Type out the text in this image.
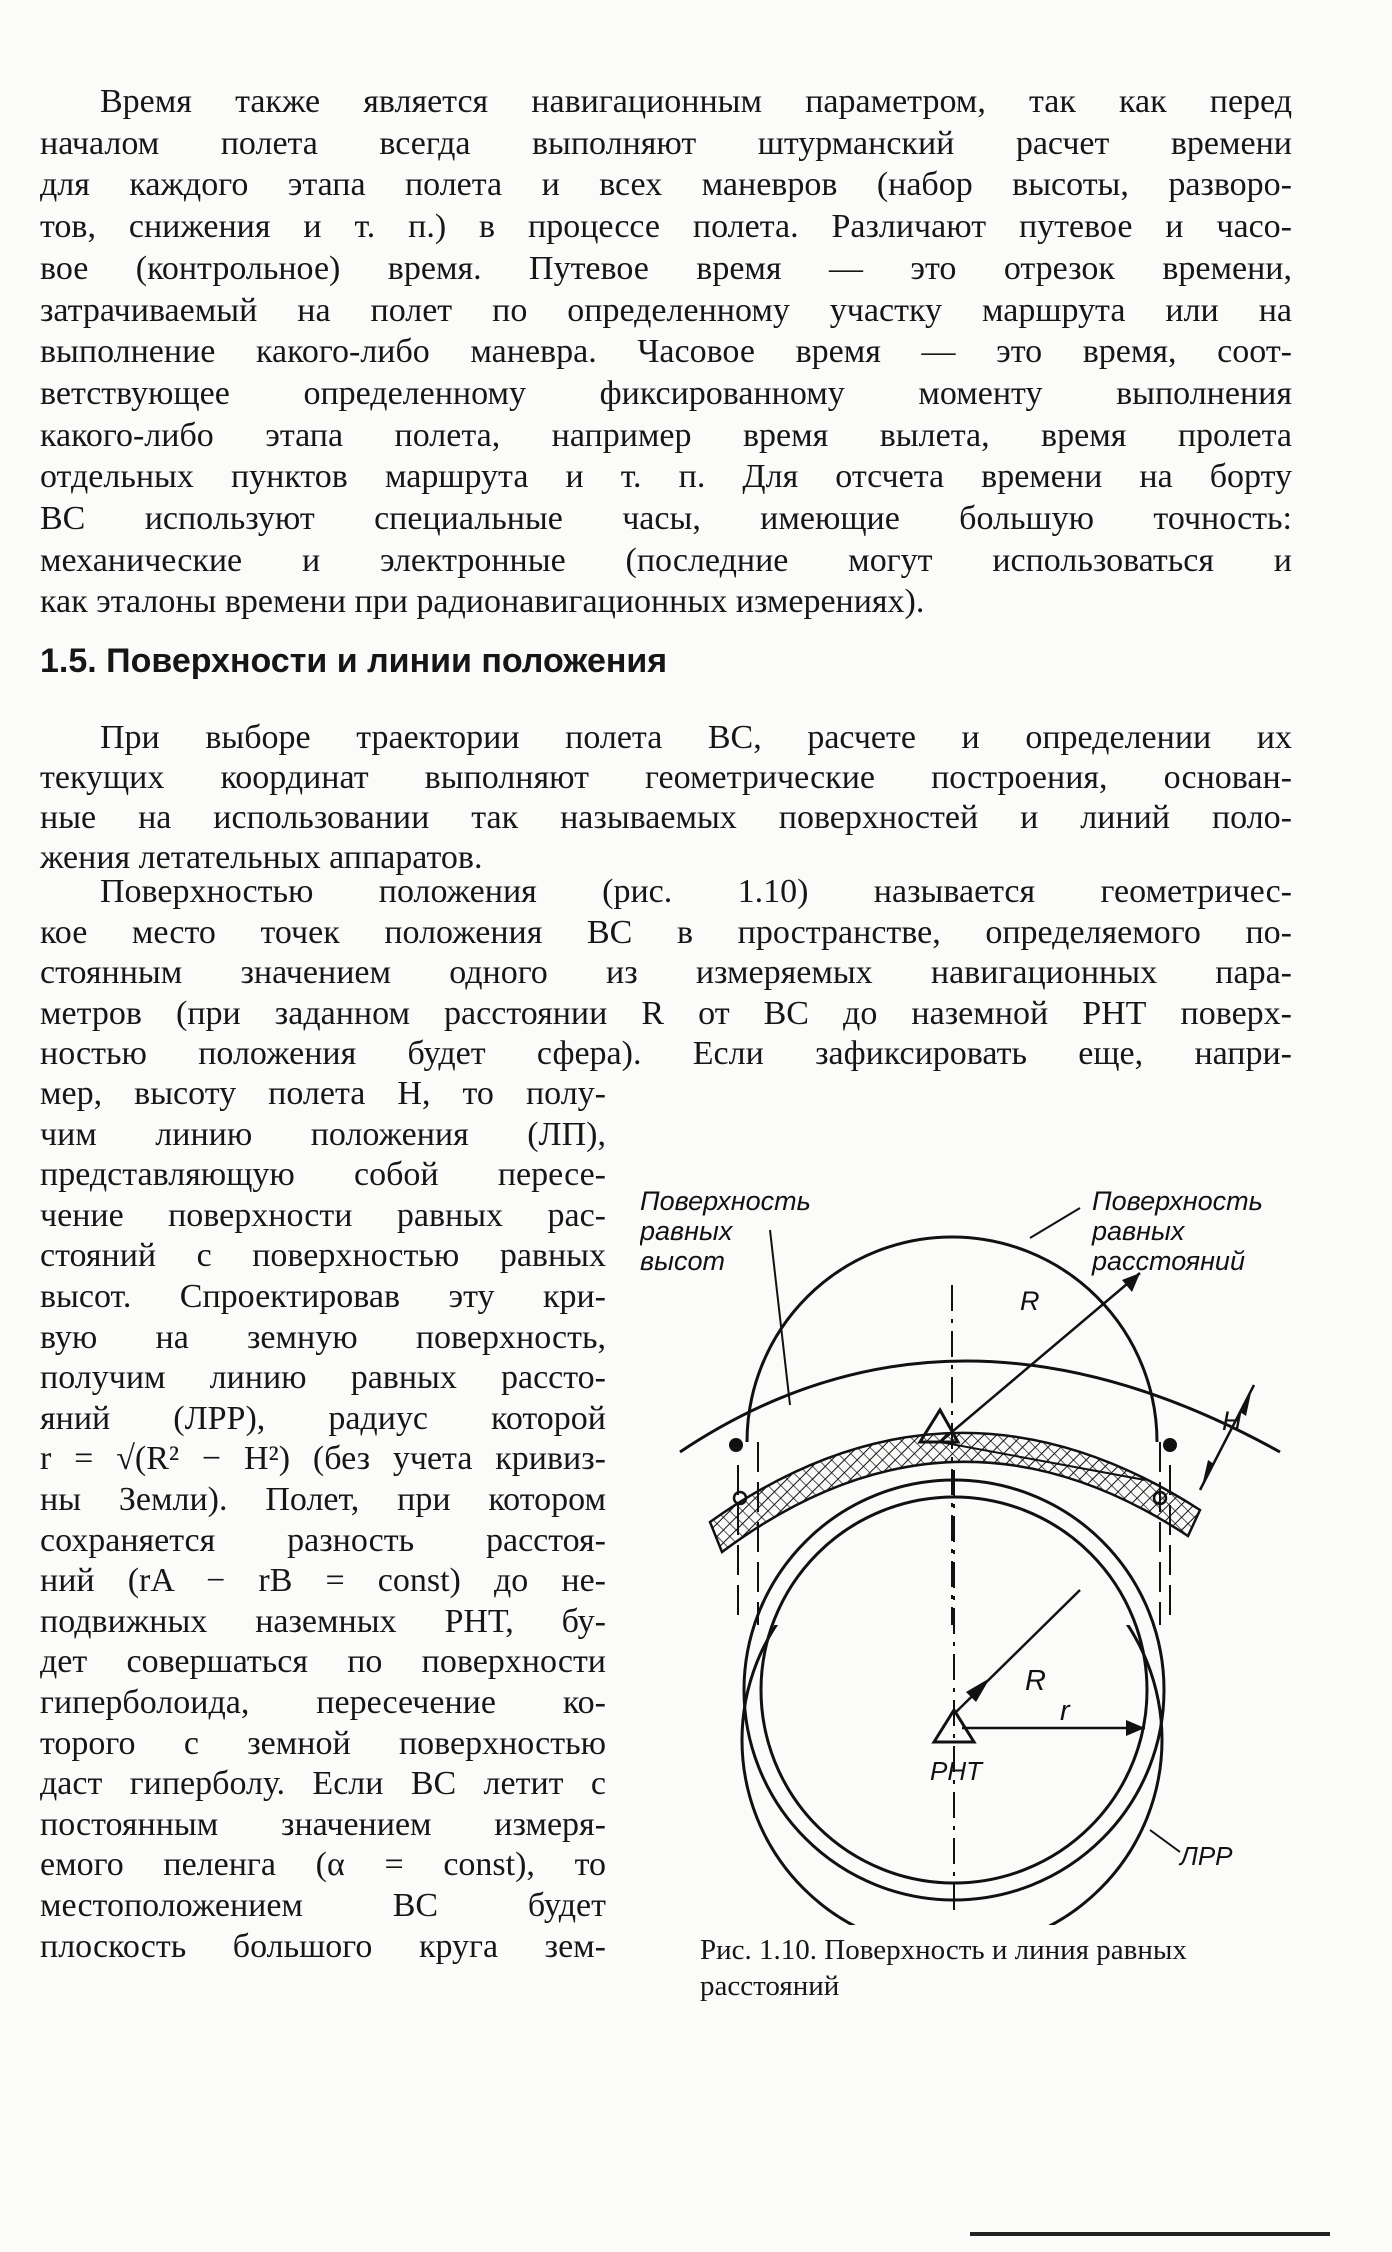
Время также является навигационным параметром, так как перед
началом полета всегда выполняют штурманский расчет времени
для каждого этапа полета и всех маневров (набор высоты, разворо-
тов, снижения и т. п.) в процессе полета. Различают путевое и часо-
вое (контрольное) время. Путевое время — это отрезок времени,
затрачиваемый на полет по определенному участку маршрута или на
выполнение какого-либо маневра. Часовое время — это время, соот-
ветствующее определенному фиксированному моменту выполнения
какого-либо этапа полета, например время вылета, время пролета
отдельных пунктов маршрута и т. п. Для отсчета времени на борту
ВС используют специальные часы, имеющие большую точность:
механические и электронные (последние могут использоваться и
как эталоны времени при радионавигационных измерениях).
1.5. Поверхности и линии положения
При выборе траектории полета ВС, расчете и определении их
текущих координат выполняют геометрические построения, основан-
ные на использовании так называемых поверхностей и линий поло-
жения летательных аппаратов.
Поверхностью положения (рис. 1.10) называется геометричес-
кое место точек положения ВС в пространстве, определяемого по-
стоянным значением одного из измеряемых навигационных пара-
метров (при заданном расстоянии R от ВС до наземной РНТ поверх-
ностью положения будет сфера). Если зафиксировать еще, напри-
мер, высоту полета H, то полу-
чим линию положения (ЛП),
представляющую собой пересе-
чение поверхности равных рас-
стояний с поверхностью равных
высот. Спроектировав эту кри-
вую на земную поверхность,
получим линию равных рассто-
яний (ЛРР), радиус которой
r = √(R² − H²) (без учета кривиз-
ны Земли). Полет, при котором
сохраняется разность расстоя-
ний (rA − rB = const) до не-
подвижных наземных РНТ, бу-
дет совершаться по поверхности
гиперболоида, пересечение ко-
торого с земной поверхностью
даст гиперболу. Если ВС летит с
постоянным значением измеря-
емого пеленга (α = const), то
местоположением ВС будет
плоскость большого круга зем-
Поверхность
равных
высот
Поверхность
равных
расстояний
R
H
R
r
РНТ
ЛРР
Рис. 1.10. Поверхность и линия равных
расстояний
